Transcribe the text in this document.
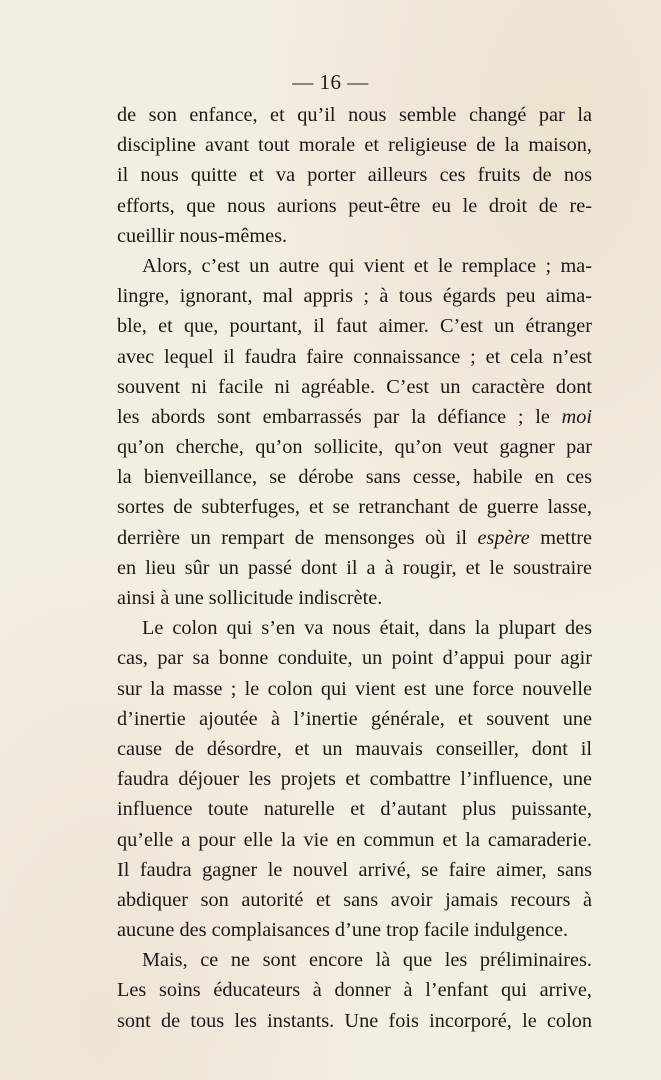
— 16 —
de son enfance, et qu’il nous semble changé par la
discipline avant tout morale et religieuse de la maison,
il nous quitte et va porter ailleurs ces fruits de nos
efforts, que nous aurions peut-être eu le droit de re-
cueillir nous-mêmes.
Alors, c’est un autre qui vient et le remplace ; ma-
lingre, ignorant, mal appris ; à tous égards peu aima-
ble, et que, pourtant, il faut aimer. C’est un étranger
avec lequel il faudra faire connaissance ; et cela n’est
souvent ni facile ni agréable. C’est un caractère dont
les abords sont embarrassés par la défiance ; le moi
qu’on cherche, qu’on sollicite, qu’on veut gagner par
la bienveillance, se dérobe sans cesse, habile en ces
sortes de subterfuges, et se retranchant de guerre lasse,
derrière un rempart de mensonges où il espère mettre
en lieu sûr un passé dont il a à rougir, et le soustraire
ainsi à une sollicitude indiscrète.
Le colon qui s’en va nous était, dans la plupart des
cas, par sa bonne conduite, un point d’appui pour agir
sur la masse ; le colon qui vient est une force nouvelle
d’inertie ajoutée à l’inertie générale, et souvent une
cause de désordre, et un mauvais conseiller, dont il
faudra déjouer les projets et combattre l’influence, une
influence toute naturelle et d’autant plus puissante,
qu’elle a pour elle la vie en commun et la camaraderie.
Il faudra gagner le nouvel arrivé, se faire aimer, sans
abdiquer son autorité et sans avoir jamais recours à
aucune des complaisances d’une trop facile indulgence.
Mais, ce ne sont encore là que les préliminaires.
Les soins éducateurs à donner à l’enfant qui arrive,
sont de tous les instants. Une fois incorporé, le colon
